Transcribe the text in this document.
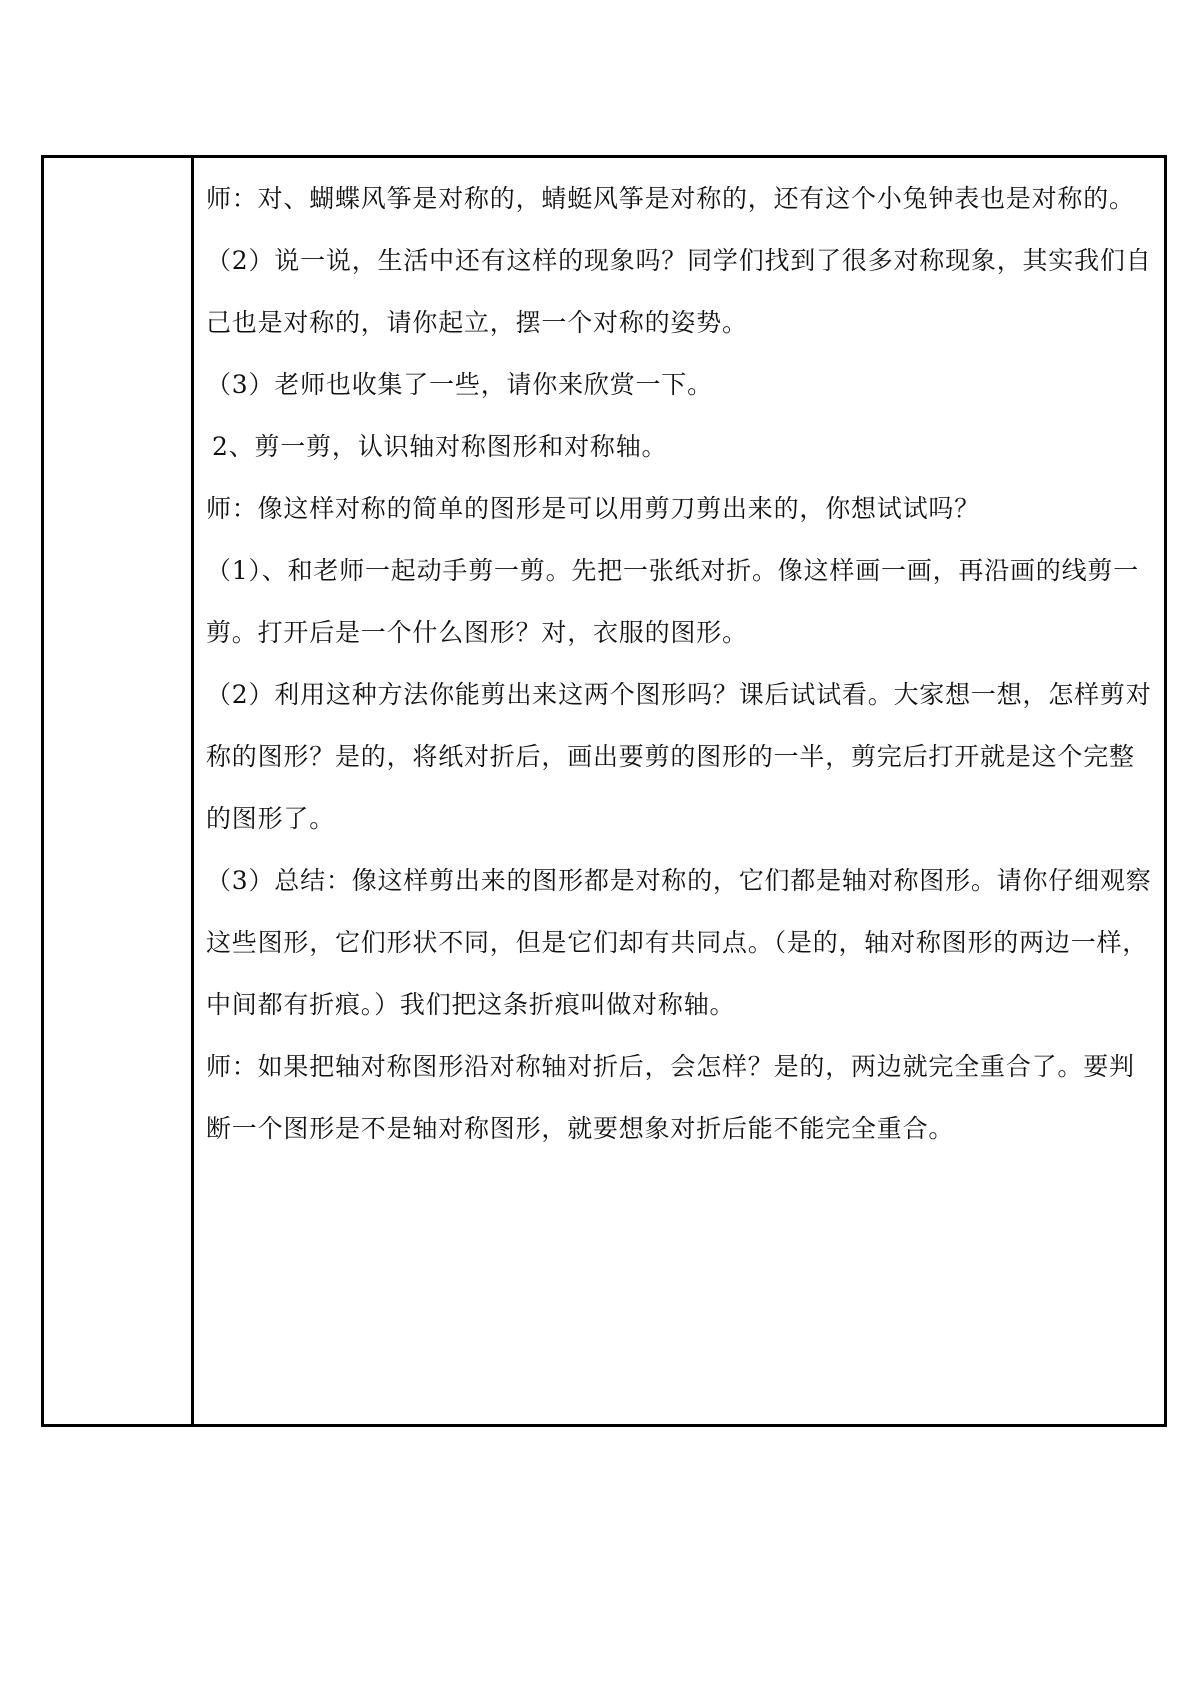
师：对、蝴蝶风筝是对称的，蜻蜓风筝是对称的，还有这个小兔钟表也是对称的。

（2）说一说，生活中还有这样的现象吗？同学们找到了很多对称现象，其实我们自己也是对称的，请你起立，摆一个对称的姿势。

（3）老师也收集了一些，请你来欣赏一下。

2、剪一剪，认识轴对称图形和对称轴。

师：像这样对称的简单的图形是可以用剪刀剪出来的，你想试试吗？

（1）、和老师一起动手剪一剪。先把一张纸对折。像这样画一画，再沿画的线剪一剪。打开后是一个什么图形？对，衣服的图形。

（2）利用这种方法你能剪出来这两个图形吗？课后试试看。大家想一想，怎样剪对称的图形？是的，将纸对折后，画出要剪的图形的一半，剪完后打开就是这个完整的图形了。

（3）总结：像这样剪出来的图形都是对称的，它们都是轴对称图形。请你仔细观察这些图形，它们形状不同，但是它们却有共同点。（是的，轴对称图形的两边一样，中间都有折痕。）我们把这条折痕叫做对称轴。

师：如果把轴对称图形沿对称轴对折后，会怎样？是的，两边就完全重合了。要判断一个图形是不是轴对称图形，就要想象对折后能不能完全重合。
